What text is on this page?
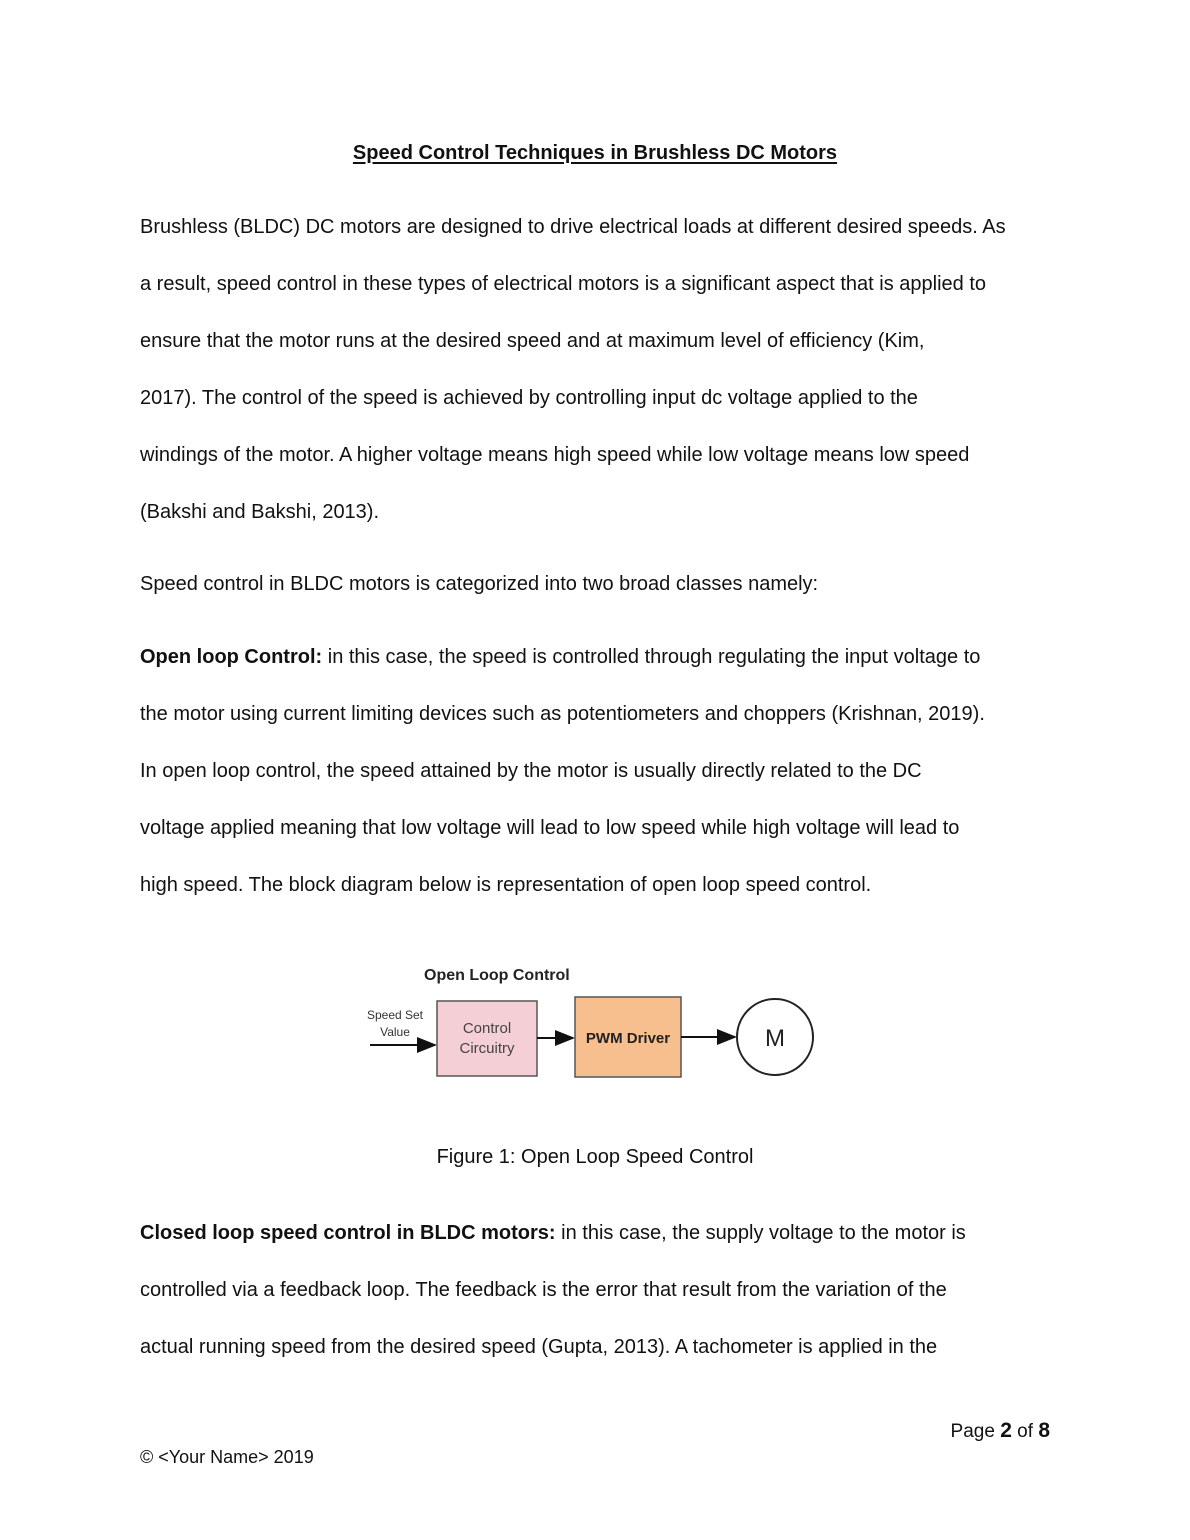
Speed Control Techniques in Brushless DC Motors

Brushless (BLDC) DC motors are designed to drive electrical loads at different desired speeds. As

a result, speed control in these types of electrical motors is a significant aspect that is applied to

ensure that the motor runs at the desired speed and at maximum level of efficiency (Kim,

2017). The control of the speed is achieved by controlling input dc voltage applied to the

windings of the motor. A higher voltage means high speed while low voltage means low speed

(Bakshi and Bakshi, 2013).

Speed control in BLDC motors is categorized into two broad classes namely:

Open loop Control: in this case, the speed is controlled through regulating the input voltage to

the motor using current limiting devices such as potentiometers and choppers (Krishnan, 2019).

In open loop control, the speed attained by the motor is usually directly related to the DC

voltage applied meaning that low voltage will lead to low speed while high voltage will lead to

high speed. The block diagram below is representation of open loop speed control.

Open Loop Control
Speed Set
Value	Control
Circuitry
PWM Driver	M

Figure 1: Open Loop Speed Control

Closed loop speed control in BLDC motors: in this case, the supply voltage to the motor is

controlled via a feedback loop. The feedback is the error that result from the variation of the

actual running speed from the desired speed (Gupta, 2013). A tachometer is applied in the

Page 2 of 8
© <Your Name> 2019
